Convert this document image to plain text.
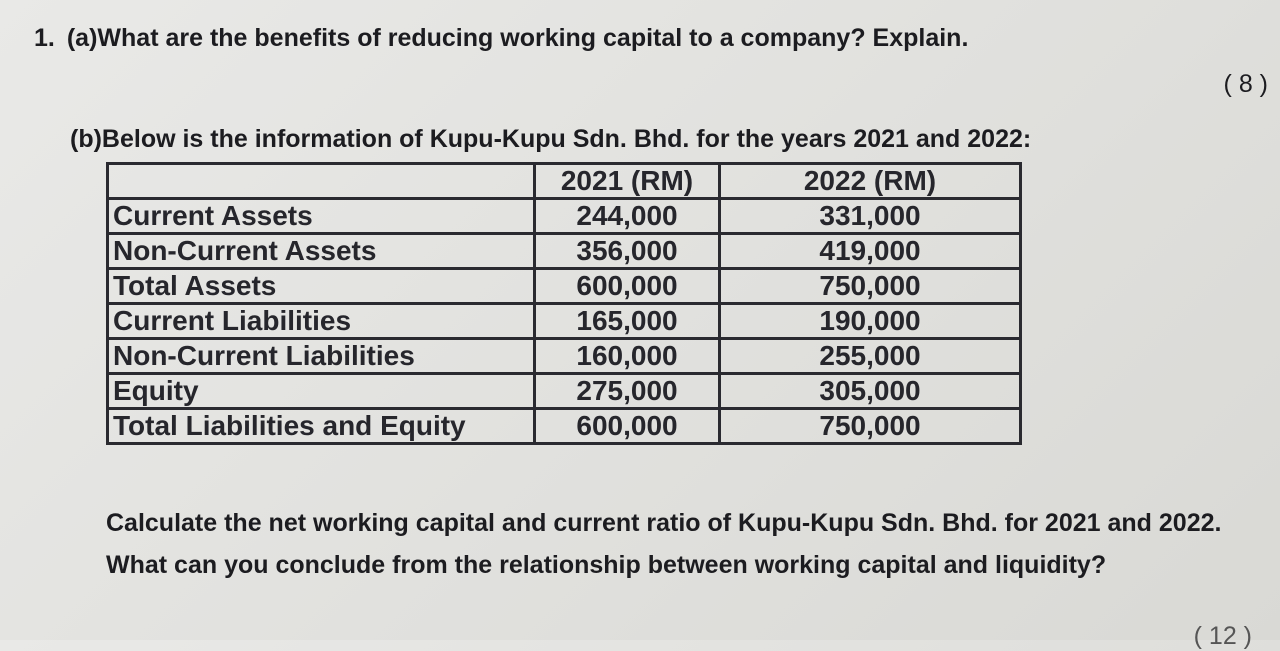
1. (a)What are the benefits of reducing working capital to a company? Explain.
( 8 )
(b)Below is the information of Kupu-Kupu Sdn. Bhd. for the years 2021 and 2022:
	2021 (RM)	2022 (RM)
Current Assets	244,000	331,000
Non-Current Assets	356,000	419,000
Total Assets	600,000	750,000
Current Liabilities	165,000	190,000
Non-Current Liabilities	160,000	255,000
Equity	275,000	305,000
Total Liabilities and Equity	600,000	750,000
Calculate the net working capital and current ratio of Kupu-Kupu Sdn. Bhd. for 2021 and 2022. What can you conclude from the relationship between working capital and liquidity?
( 12 )
